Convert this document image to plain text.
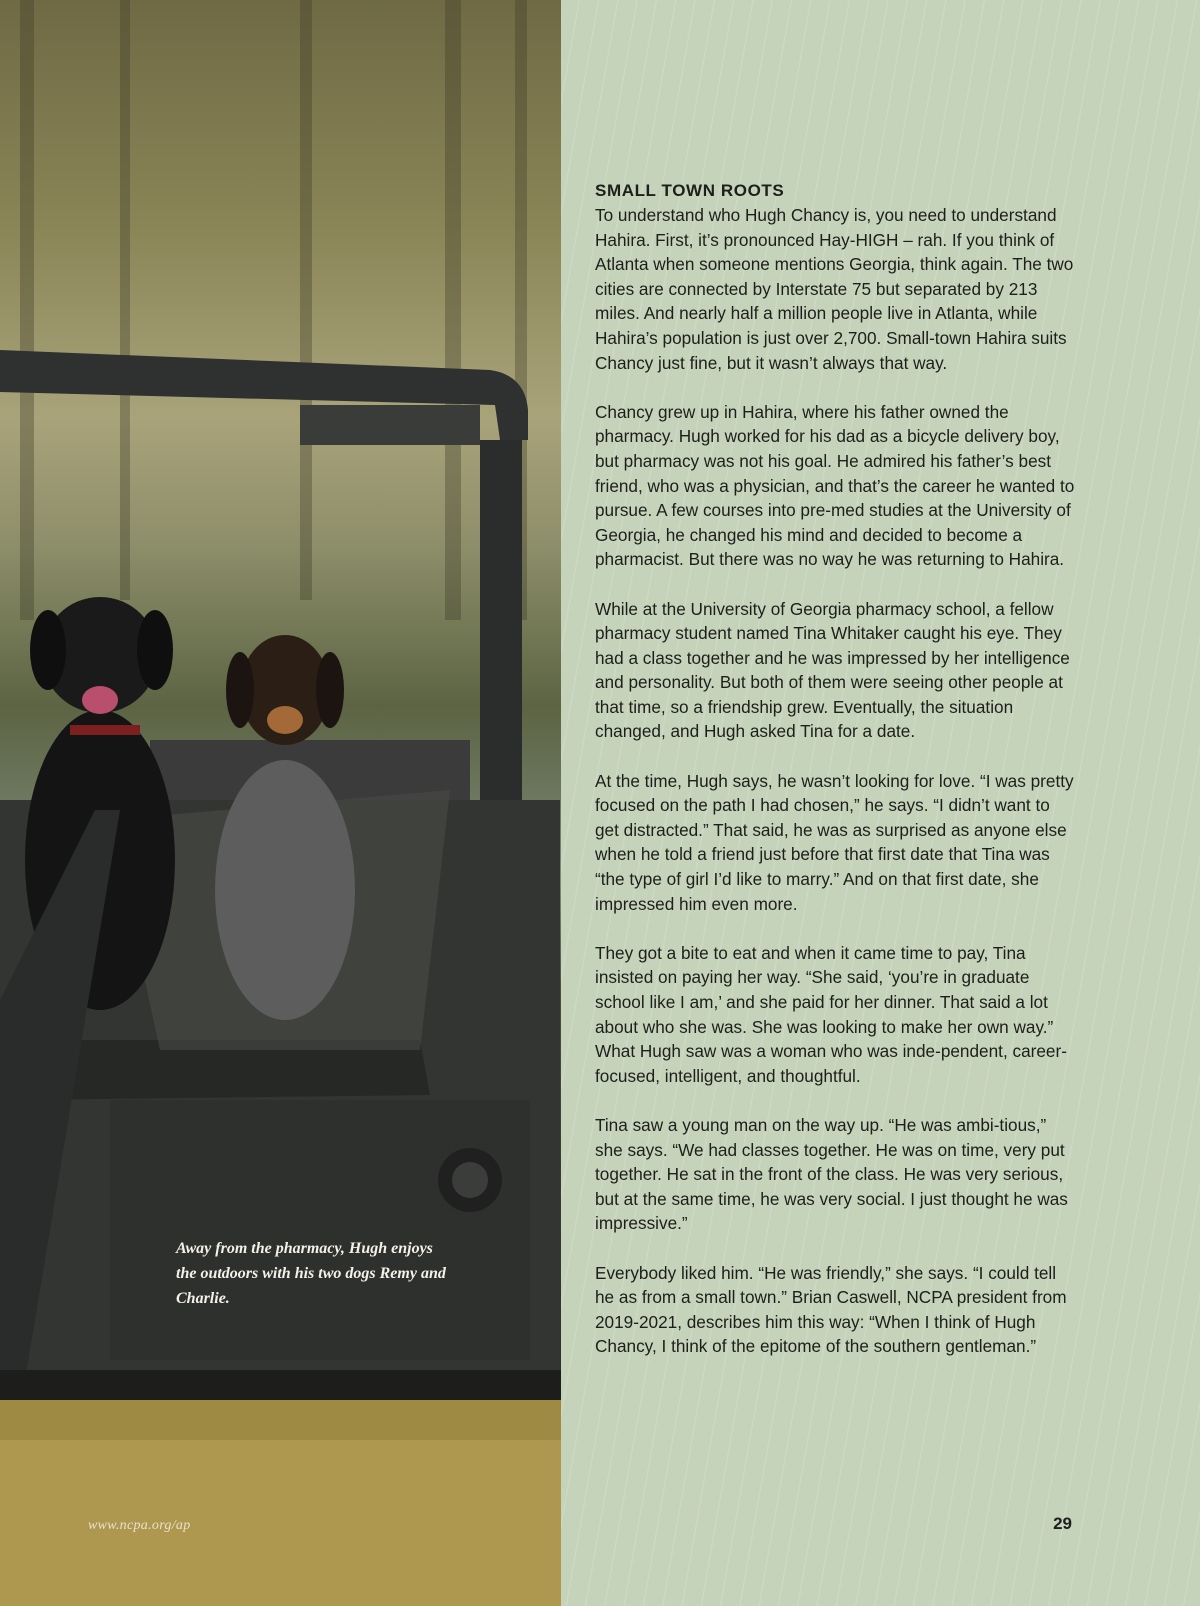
Away from the pharmacy, Hugh enjoys the outdoors with his two dogs Remy and Charlie.
www.ncpa.org/ap
SMALL TOWN ROOTS

To understand who Hugh Chancy is, you need to understand Hahira. First, it’s pronounced Hay-HIGH – rah. If you think of Atlanta when someone mentions Georgia, think again. The two cities are connected by Interstate 75 but separated by 213 miles. And nearly half a million people live in Atlanta, while Hahira’s population is just over 2,700. Small-town Hahira suits Chancy just fine, but it wasn’t always that way.

Chancy grew up in Hahira, where his father owned the pharmacy. Hugh worked for his dad as a bicycle delivery boy, but pharmacy was not his goal. He admired his father’s best friend, who was a physician, and that’s the career he wanted to pursue. A few courses into pre-med studies at the University of Georgia, he changed his mind and decided to become a pharmacist. But there was no way he was returning to Hahira.

While at the University of Georgia pharmacy school, a fellow pharmacy student named Tina Whitaker caught his eye. They had a class together and he was impressed by her intelligence and personality. But both of them were seeing other people at that time, so a friendship grew. Eventually, the situation changed, and Hugh asked Tina for a date.

At the time, Hugh says, he wasn’t looking for love. “I was pretty focused on the path I had chosen,” he says. “I didn’t want to get distracted.” That said, he was as surprised as anyone else when he told a friend just before that first date that Tina was “the type of girl I’d like to marry.” And on that first date, she impressed him even more.

They got a bite to eat and when it came time to pay, Tina insisted on paying her way. “She said, ‘you’re in graduate school like I am,’ and she paid for her dinner. That said a lot about who she was. She was looking to make her own way.” What Hugh saw was a woman who was inde-pendent, career-focused, intelligent, and thoughtful.

Tina saw a young man on the way up. “He was ambi-tious,” she says. “We had classes together. He was on time, very put together. He sat in the front of the class. He was very serious, but at the same time, he was very social. I just thought he was impressive.”

Everybody liked him. “He was friendly,” she says. “I could tell he as from a small town.” Brian Caswell, NCPA president from 2019-2021, describes him this way: “When I think of Hugh Chancy, I think of the epitome of the southern gentleman.”

29
